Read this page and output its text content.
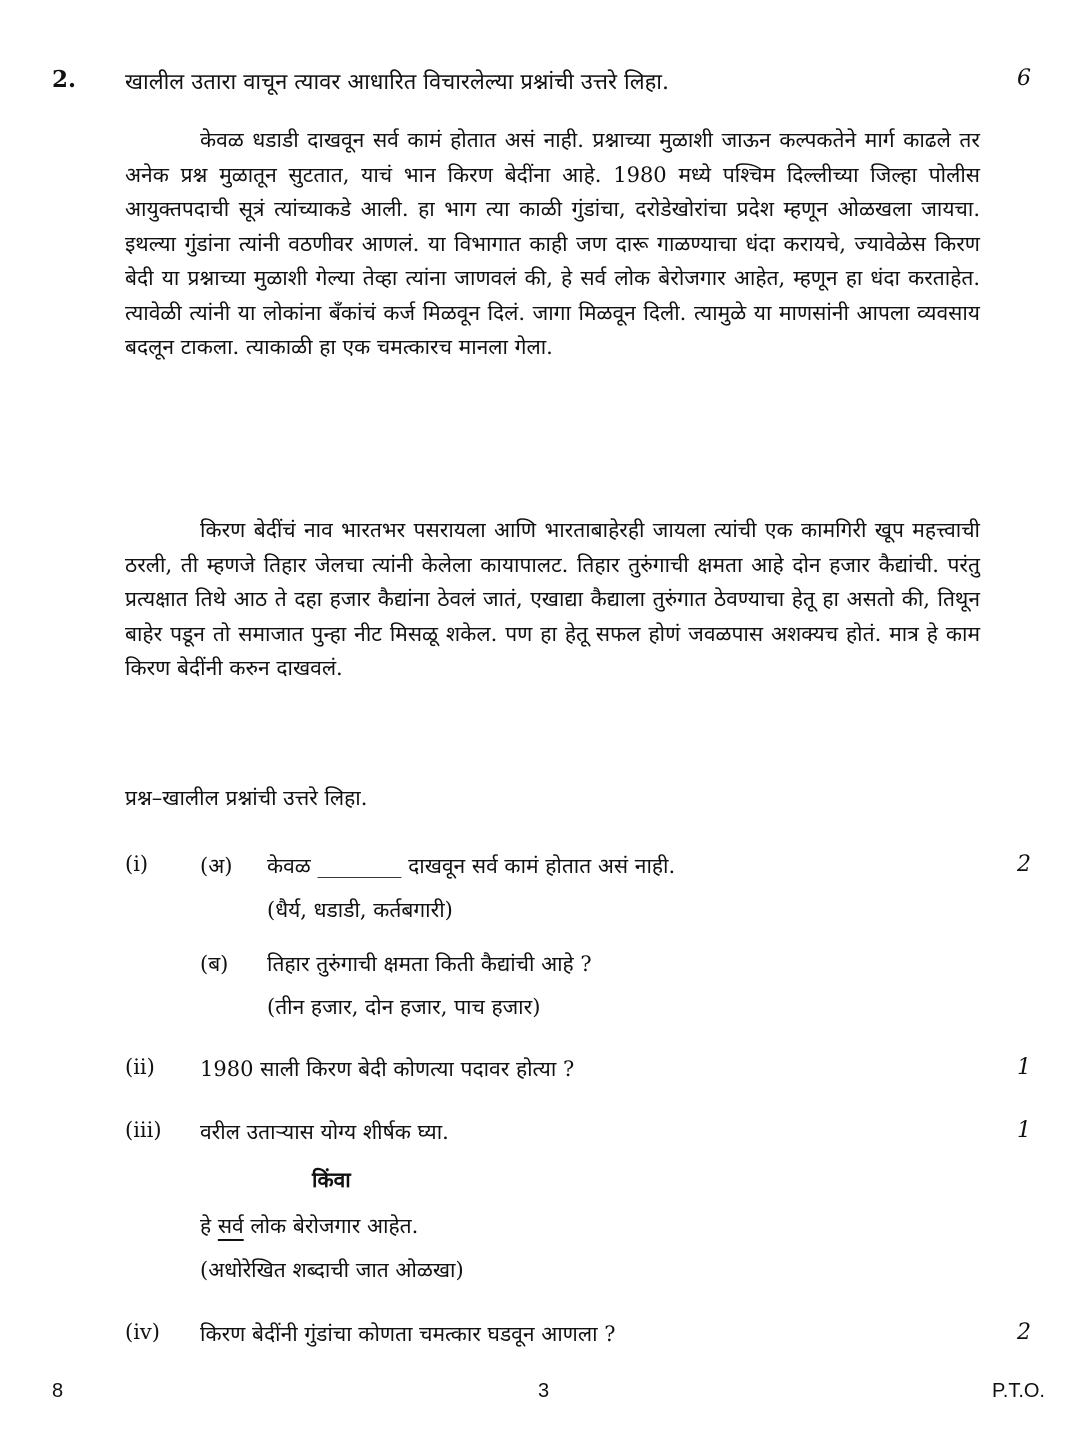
2. खालील उतारा वाचून त्यावर आधारित विचारलेल्या प्रश्नांची उत्तरे लिहा.	6
केवळ धडाडी दाखवून सर्व कामं होतात असं नाही. प्रश्नाच्या मुळाशी जाऊन कल्पकतेने मार्ग काढले तर अनेक प्रश्न मुळातून सुटतात, याचं भान किरण बेदींना आहे. 1980 मध्ये पश्चिम दिल्लीच्या जिल्हा पोलीस आयुक्तपदाची सूत्रं त्यांच्याकडे आली. हा भाग त्या काळी गुंडांचा, दरोडेखोरांचा प्रदेश म्हणून ओळखला जायचा. इथल्या गुंडांना त्यांनी वठणीवर आणलं. या विभागात काही जण दारू गाळण्याचा धंदा करायचे, ज्यावेळेस किरण बेदी या प्रश्नाच्या मुळाशी गेल्या तेव्हा त्यांना जाणवलं की, हे सर्व लोक बेरोजगार आहेत, म्हणून हा धंदा करताहेत. त्यावेळी त्यांनी या लोकांना बँकांचं कर्ज मिळवून दिलं. जागा मिळवून दिली. त्यामुळे या माणसांनी आपला व्यवसाय बदलून टाकला. त्याकाळी हा एक चमत्कारच मानला गेला.
किरण बेदींचं नाव भारतभर पसरायला आणि भारताबाहेरही जायला त्यांची एक कामगिरी खूप महत्त्वाची ठरली, ती म्हणजे तिहार जेलचा त्यांनी केलेला कायापालट. तिहार तुरुंगाची क्षमता आहे दोन हजार कैद्यांची. परंतु प्रत्यक्षात तिथे आठ ते दहा हजार कैद्यांना ठेवलं जातं, एखाद्या कैद्याला तुरुंगात ठेवण्याचा हेतू हा असतो की, तिथून बाहेर पडून तो समाजात पुन्हा नीट मिसळू शकेल. पण हा हेतू सफल होणं जवळपास अशक्यच होतं. मात्र हे काम किरण बेदींनी करुन दाखवलं.
प्रश्न–खालील प्रश्नांची उत्तरे लिहा.
(i) (अ) केवळ ________ दाखवून सर्व कामं होतात असं नाही.	2
(धैर्य, धडाडी, कर्तबगारी)
(ब) तिहार तुरुंगाची क्षमता किती कैद्यांची आहे ?
(तीन हजार, दोन हजार, पाच हजार)
(ii) 1980 साली किरण बेदी कोणत्या पदावर होत्या ?	1
(iii) वरील उताऱ्यास योग्य शीर्षक घ्या.	1
किंवा
हे सर्व लोक बेरोजगार आहेत.
(अधोरेखित शब्दाची जात ओळखा)
(iv) किरण बेदींनी गुंडांचा कोणता चमत्कार घडवून आणला ?	2
8	3	P.T.O.
